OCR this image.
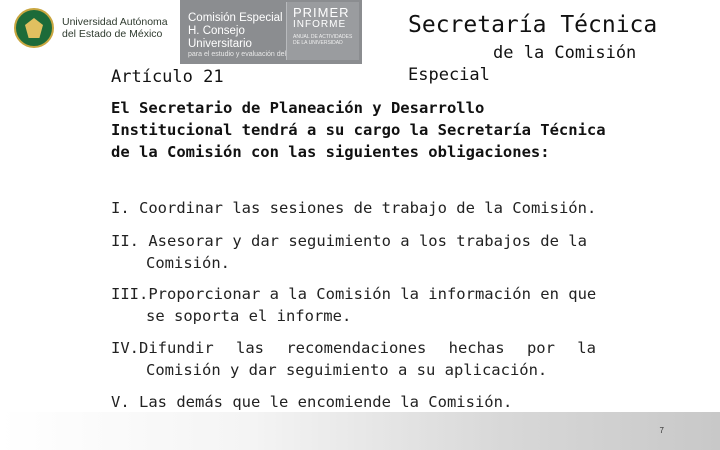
Universidad Autónoma
del Estado de México
Comisión Especial
H. Consejo Universitario
para el estudio y evaluación del
PRIMER
INFORME
ANUAL DE ACTIVIDADES DE LA UNIVERSIDAD
Secretaría Técnica
de la Comisión
Especial
Artículo 21
El Secretario de Planeación y Desarrollo Institucional tendrá a su cargo la Secretaría Técnica de la Comisión con las siguientes obligaciones:
I. Coordinar las sesiones de trabajo de la Comisión.
II. Asesorar y dar seguimiento a los trabajos de la
Comisión.
III.Proporcionar a la Comisión la información en que
se soporta el informe.
IV.Difundir las recomendaciones hechas por la
Comisión y dar seguimiento a su aplicación.
V. Las demás que le encomiende la Comisión.
7
